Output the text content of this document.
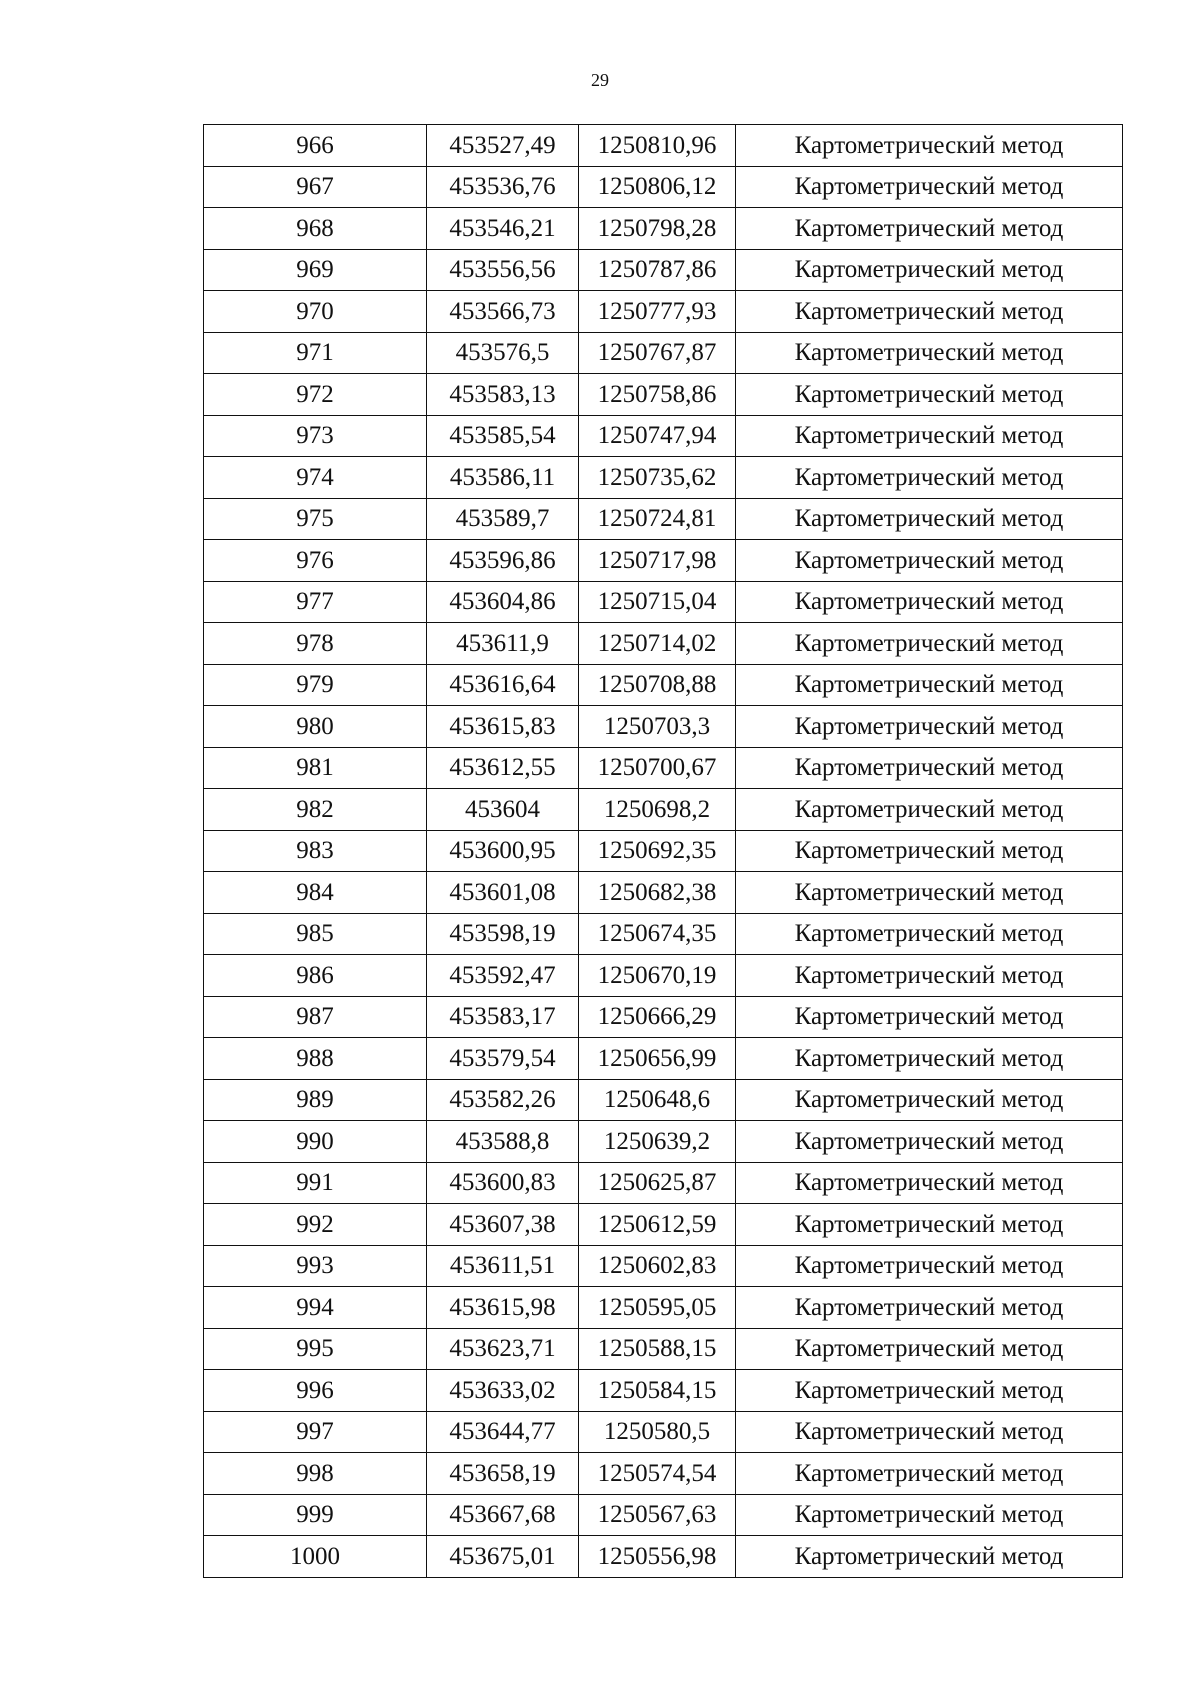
29
966	453527,49	1250810,96	Картометрический метод
967	453536,76	1250806,12	Картометрический метод
968	453546,21	1250798,28	Картометрический метод
969	453556,56	1250787,86	Картометрический метод
970	453566,73	1250777,93	Картометрический метод
971	453576,5	1250767,87	Картометрический метод
972	453583,13	1250758,86	Картометрический метод
973	453585,54	1250747,94	Картометрический метод
974	453586,11	1250735,62	Картометрический метод
975	453589,7	1250724,81	Картометрический метод
976	453596,86	1250717,98	Картометрический метод
977	453604,86	1250715,04	Картометрический метод
978	453611,9	1250714,02	Картометрический метод
979	453616,64	1250708,88	Картометрический метод
980	453615,83	1250703,3	Картометрический метод
981	453612,55	1250700,67	Картометрический метод
982	453604	1250698,2	Картометрический метод
983	453600,95	1250692,35	Картометрический метод
984	453601,08	1250682,38	Картометрический метод
985	453598,19	1250674,35	Картометрический метод
986	453592,47	1250670,19	Картометрический метод
987	453583,17	1250666,29	Картометрический метод
988	453579,54	1250656,99	Картометрический метод
989	453582,26	1250648,6	Картометрический метод
990	453588,8	1250639,2	Картометрический метод
991	453600,83	1250625,87	Картометрический метод
992	453607,38	1250612,59	Картометрический метод
993	453611,51	1250602,83	Картометрический метод
994	453615,98	1250595,05	Картометрический метод
995	453623,71	1250588,15	Картометрический метод
996	453633,02	1250584,15	Картометрический метод
997	453644,77	1250580,5	Картометрический метод
998	453658,19	1250574,54	Картометрический метод
999	453667,68	1250567,63	Картометрический метод
1000	453675,01	1250556,98	Картометрический метод
